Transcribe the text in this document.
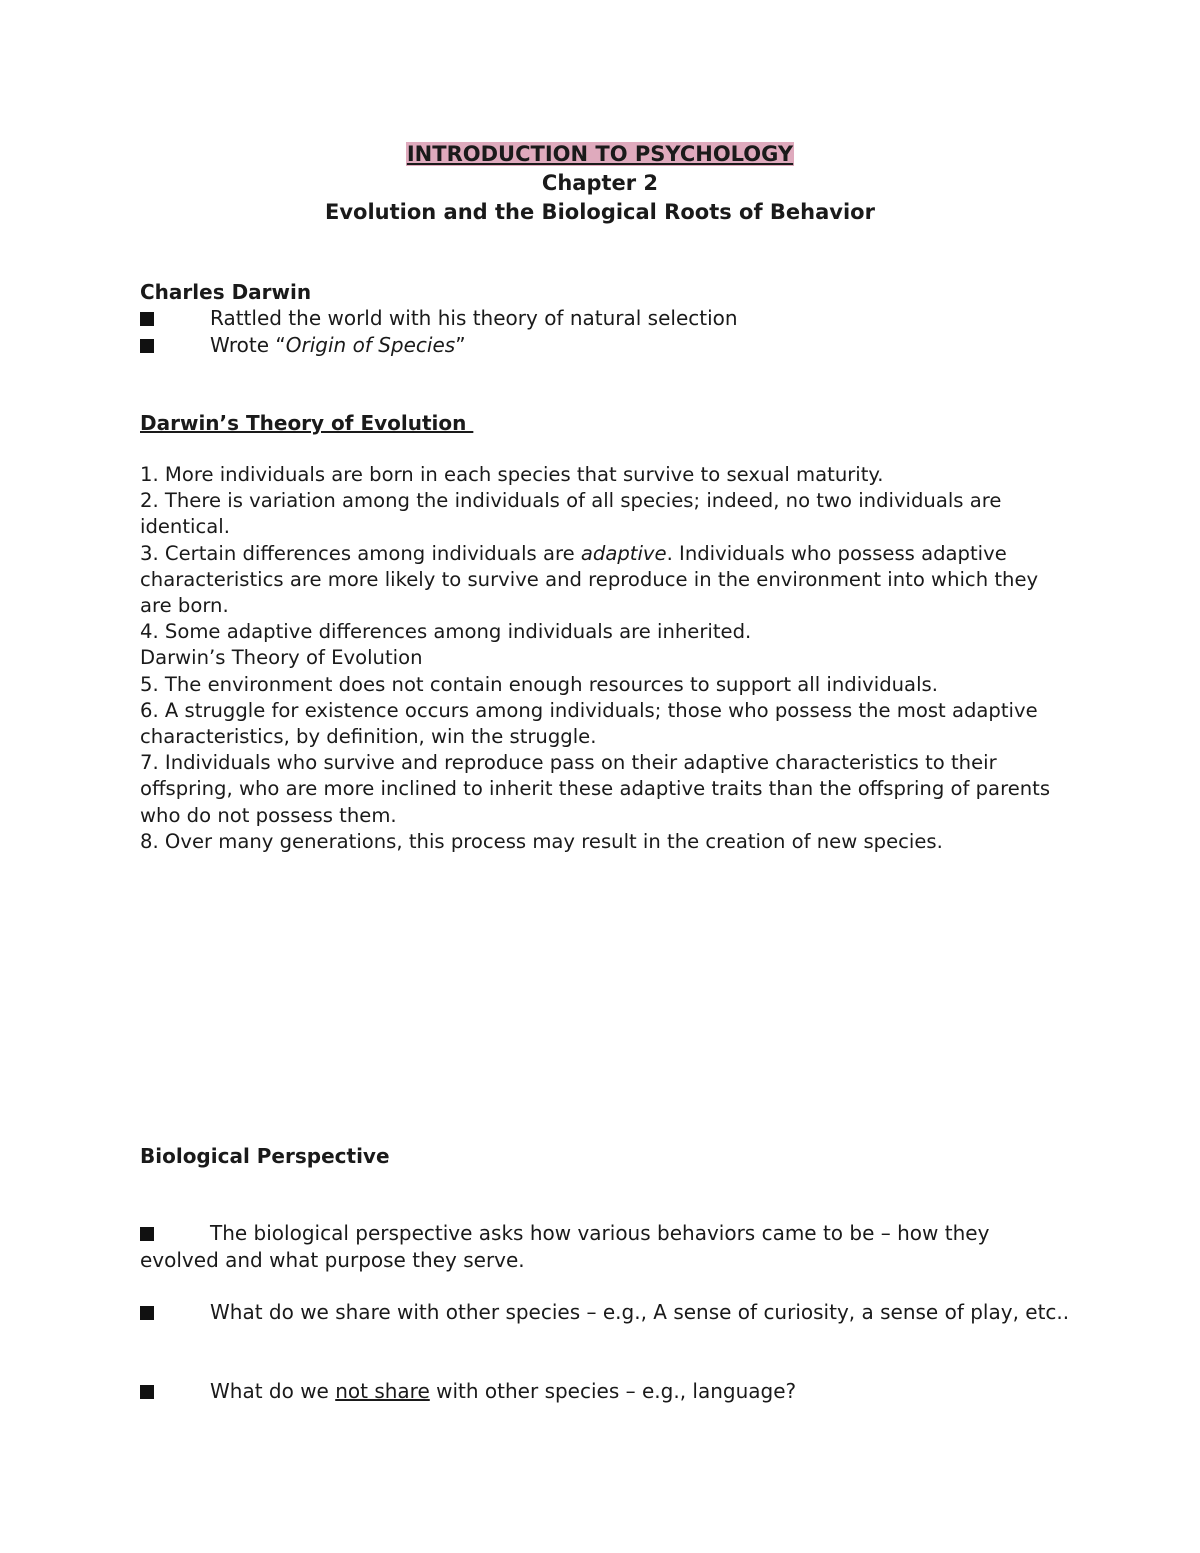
INTRODUCTION TO PSYCHOLOGY
Chapter 2
Evolution and the Biological Roots of Behavior
Charles Darwin
Rattled the world with his theory of natural selection
Wrote “Origin of Species”
Darwin’s Theory of Evolution

1. More individuals are born in each species that survive to sexual maturity.

2. There is variation among the individuals of all species; indeed, no two individuals are identical.

3. Certain differences among individuals are adaptive. Individuals who possess adaptive characteristics are more likely to survive and reproduce in the environment into which they are born.

4. Some adaptive differences among individuals are inherited.

Darwin’s Theory of Evolution

5. The environment does not contain enough resources to support all individuals.

6. A struggle for existence occurs among individuals; those who possess the most adaptive characteristics, by definition, win the struggle.

7. Individuals who survive and reproduce pass on their adaptive characteristics to their offspring, who are more inclined to inherit these adaptive traits than the offspring of parents who do not possess them.

8. Over many generations, this process may result in the creation of new species.

Biological Perspective
The biological perspective asks how various behaviors came to be – how they evolved and what purpose they serve.
What do we share with other species – e.g., A sense of curiosity, a sense of play, etc..
What do we not share with other species – e.g., language?
